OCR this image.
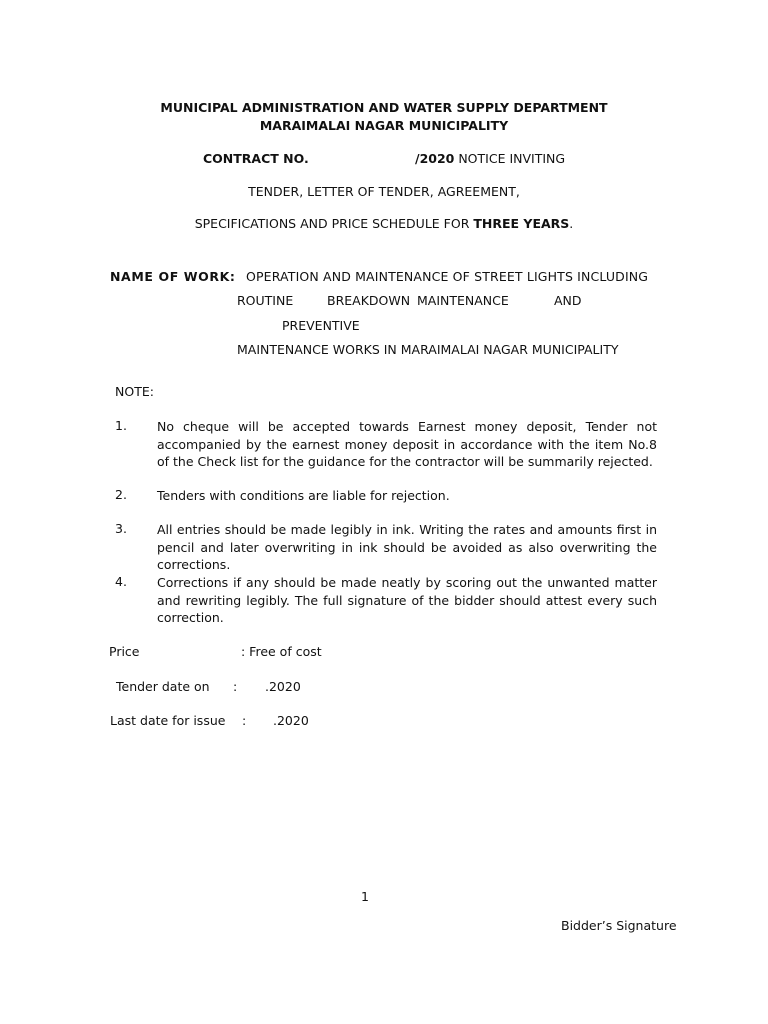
MUNICIPAL ADMINISTRATION AND WATER SUPPLY DEPARTMENT
MARAIMALAI NAGAR MUNICIPALITY
CONTRACT NO.	/2020 NOTICE INVITING
TENDER, LETTER OF TENDER, AGREEMENT,
SPECIFICATIONS AND PRICE SCHEDULE FOR THREE YEARS.
NAME OF WORK: OPERATION AND MAINTENANCE OF STREET LIGHTS INCLUDING
ROUTINE	BREAKDOWN MAINTENANCE	AND
PREVENTIVE
MAINTENANCE WORKS IN MARAIMALAI NAGAR MUNICIPALITY
NOTE:
1. No cheque will be accepted towards Earnest money deposit, Tender not accompanied by the earnest money deposit in accordance with the item No.8 of the Check list for the guidance for the contractor will be summarily rejected.
2. Tenders with conditions are liable for rejection.
3. All entries should be made legibly in ink. Writing the rates and amounts first in pencil and later overwriting in ink should be avoided as also overwriting the corrections.
4. Corrections if any should be made neatly by scoring out the unwanted matter and rewriting legibly. The full signature of the bidder should attest every such correction.
Price	: Free of cost
Tender date on : .2020
Last date for issue : .2020
1
Bidder’s Signature
